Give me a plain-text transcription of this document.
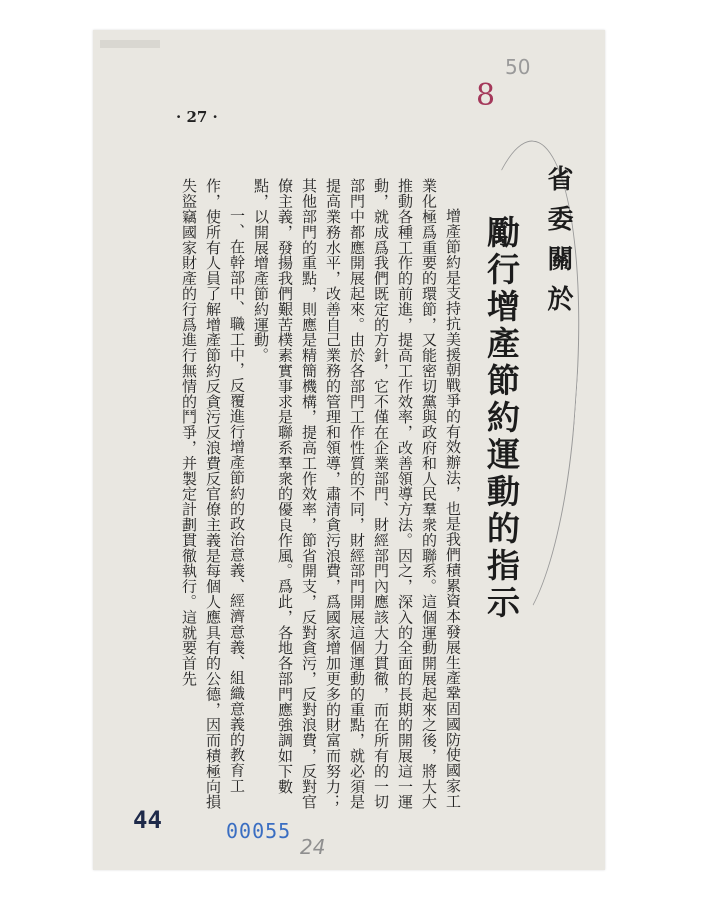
· 27 ·
8
50
省委關於
勵行增產節約運動的指示

增產節約是支持抗美援朝戰爭的有效辦法，也是我們積累資本發展生產鞏固國防使國家工業化極爲重要的環節，又能密切黨與政府和人民羣衆的聯系。這個運動開展起來之後，將大大推動各種工作的前進，提高工作效率，改善領導方法。因之，深入的全面的長期的開展這一運動，就成爲我們既定的方針，它不僅在企業部門、財經部門內應該大力貫徹，而在所有的一切部門中都應開展起來。由於各部門工作性質的不同，財經部門開展這個運動的重點，就必須是提高業務水平，改善自己業務的管理和領導，肅清貪污浪費，爲國家增加更多的財富而努力；其他部門的重點，則應是精簡機構，提高工作效率，節省開支，反對貪污，反對浪費，反對官僚主義，發揚我們艱苦樸素實事求是聯系羣衆的優良作風。爲此，各地各部門應強調如下數點，以開展增產節約運動。

一、在幹部中、職工中，反覆進行增產節約的政治意義、經濟意義、組織意義的教育工作，使所有人員了解增產節約反貪污反浪費反官僚主義是每個人應具有的公德，因而積極向損失盜竊國家財產的行爲進行無情的鬥爭，并製定計劃貫徹執行。這就要首先

44	00055
24
